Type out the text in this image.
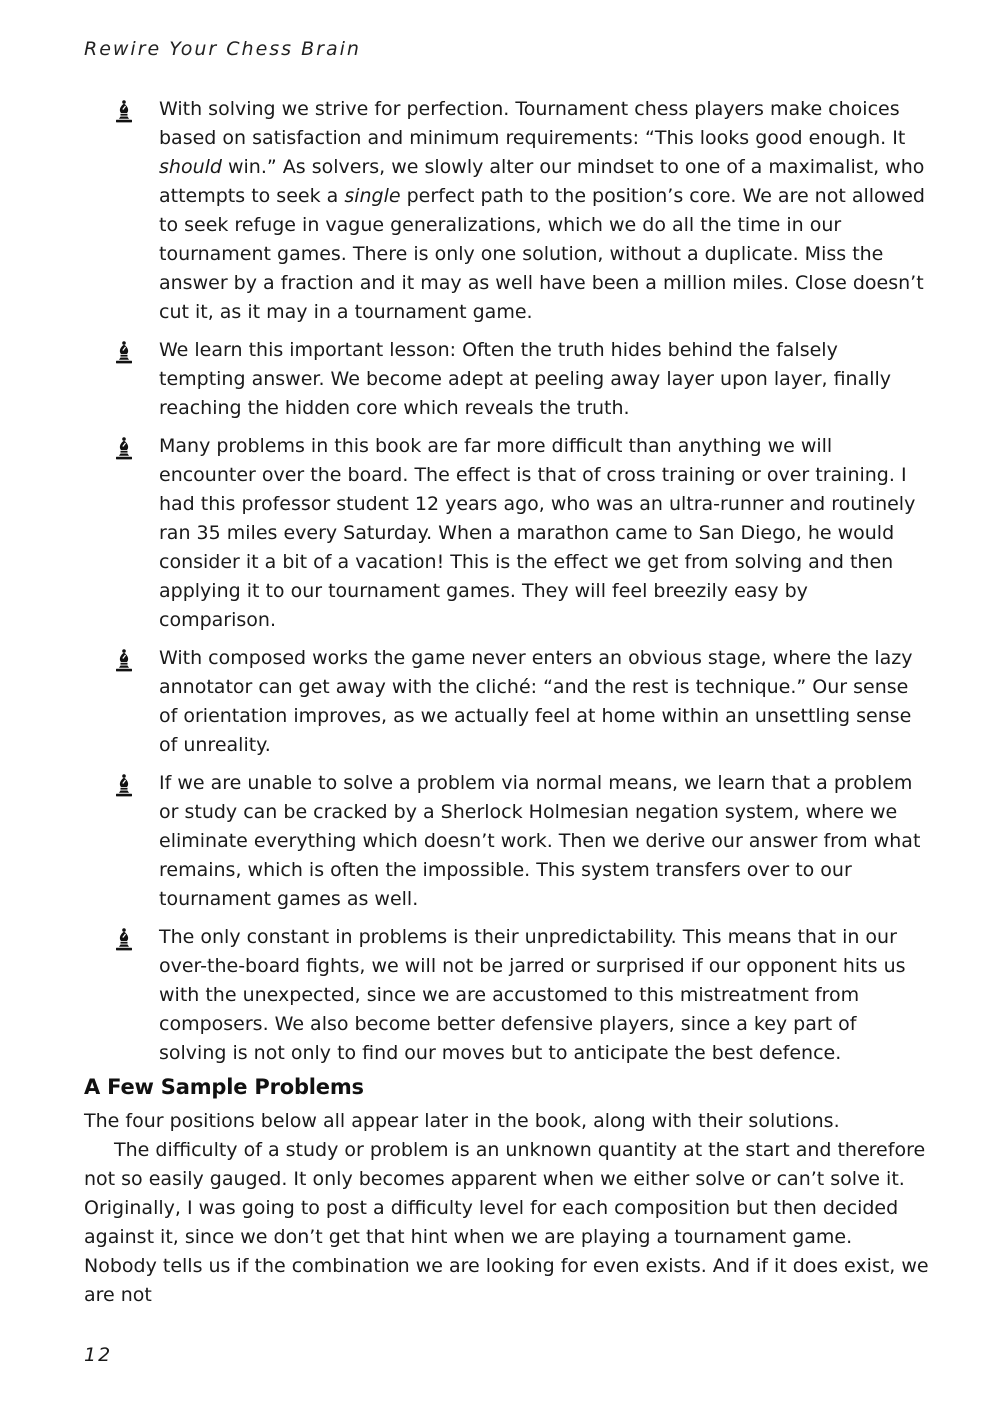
Rewire Your Chess Brain
With solving we strive for perfection. Tournament chess players make choices based on satisfaction and minimum requirements: “This looks good enough. It should win.” As solvers, we slowly alter our mindset to one of a maximalist, who attempts to seek a single perfect path to the position’s core. We are not allowed to seek refuge in vague generalizations, which we do all the time in our tournament games. There is only one solution, without a duplicate. Miss the answer by a fraction and it may as well have been a million miles. Close doesn’t cut it, as it may in a tournament game.
We learn this important lesson: Often the truth hides behind the falsely tempting answer. We become adept at peeling away layer upon layer, finally reaching the hidden core which reveals the truth.
Many problems in this book are far more difficult than anything we will encounter over the board. The effect is that of cross training or over training. I had this professor student 12 years ago, who was an ultra-runner and routinely ran 35 miles every Saturday. When a marathon came to San Diego, he would consider it a bit of a vacation! This is the effect we get from solving and then applying it to our tournament games. They will feel breezily easy by comparison.
With composed works the game never enters an obvious stage, where the lazy annotator can get away with the cliché: “and the rest is technique.” Our sense of orientation improves, as we actually feel at home within an unsettling sense of unreality.
If we are unable to solve a problem via normal means, we learn that a problem or study can be cracked by a Sherlock Holmesian negation system, where we eliminate everything which doesn’t work. Then we derive our answer from what remains, which is often the impossible. This system transfers over to our tournament games as well.
The only constant in problems is their unpredictability. This means that in our over-the-board fights, we will not be jarred or surprised if our opponent hits us with the unexpected, since we are accustomed to this mistreatment from composers. We also become better defensive players, since a key part of solving is not only to find our moves but to anticipate the best defence.
A Few Sample Problems

The four positions below all appear later in the book, along with their solutions.

The difficulty of a study or problem is an unknown quantity at the start and therefore not so easily gauged. It only becomes apparent when we either solve or can’t solve it. Originally, I was going to post a difficulty level for each composition but then decided against it, since we don’t get that hint when we are playing a tournament game. Nobody tells us if the combination we are looking for even exists. And if it does exist, we are not

12
